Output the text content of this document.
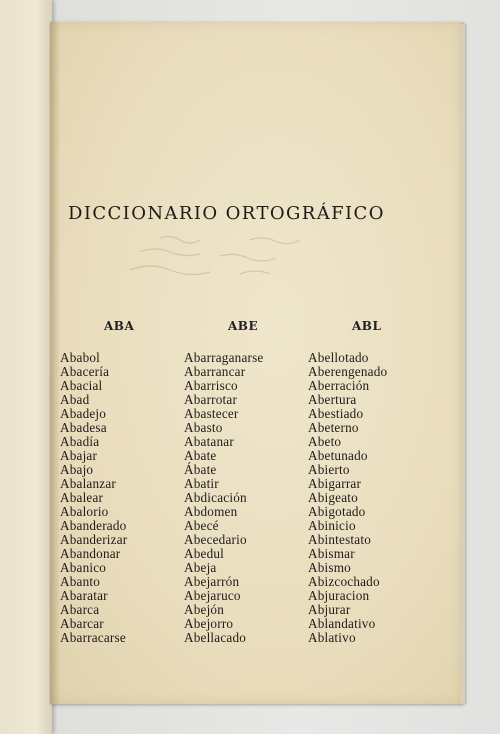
DICCIONARIO ORTOGRÁFICO
ABA
Ababol
Abacería
Abacial
Abad
Abadejo
Abadesa
Abadía
Abajar
Abajo
Abalanzar
Abalear
Abalorio
Abanderado
Abanderizar
Abandonar
Abanico
Abanto
Abaratar
Abarca
Abarcar
Abarracarse
ABE
Abarraganarse
Abarrancar
Abarrisco
Abarrotar
Abastecer
Abasto
Abatanar
Abate
Ábate
Abatir
Abdicación
Abdomen
Abecé
Abecedario
Abedul
Abeja
Abejarrón
Abejaruco
Abejón
Abejorro
Abellacado
ABL
Abellotado
Aberengenado
Aberración
Abertura
Abestiado
Abeterno
Abeto
Abetunado
Abierto
Abigarrar
Abigeato
Abigotado
Abinicio
Abintestato
Abismar
Abismo
Abizcochado
Abjuracion
Abjurar
Ablandativo
Ablativo
